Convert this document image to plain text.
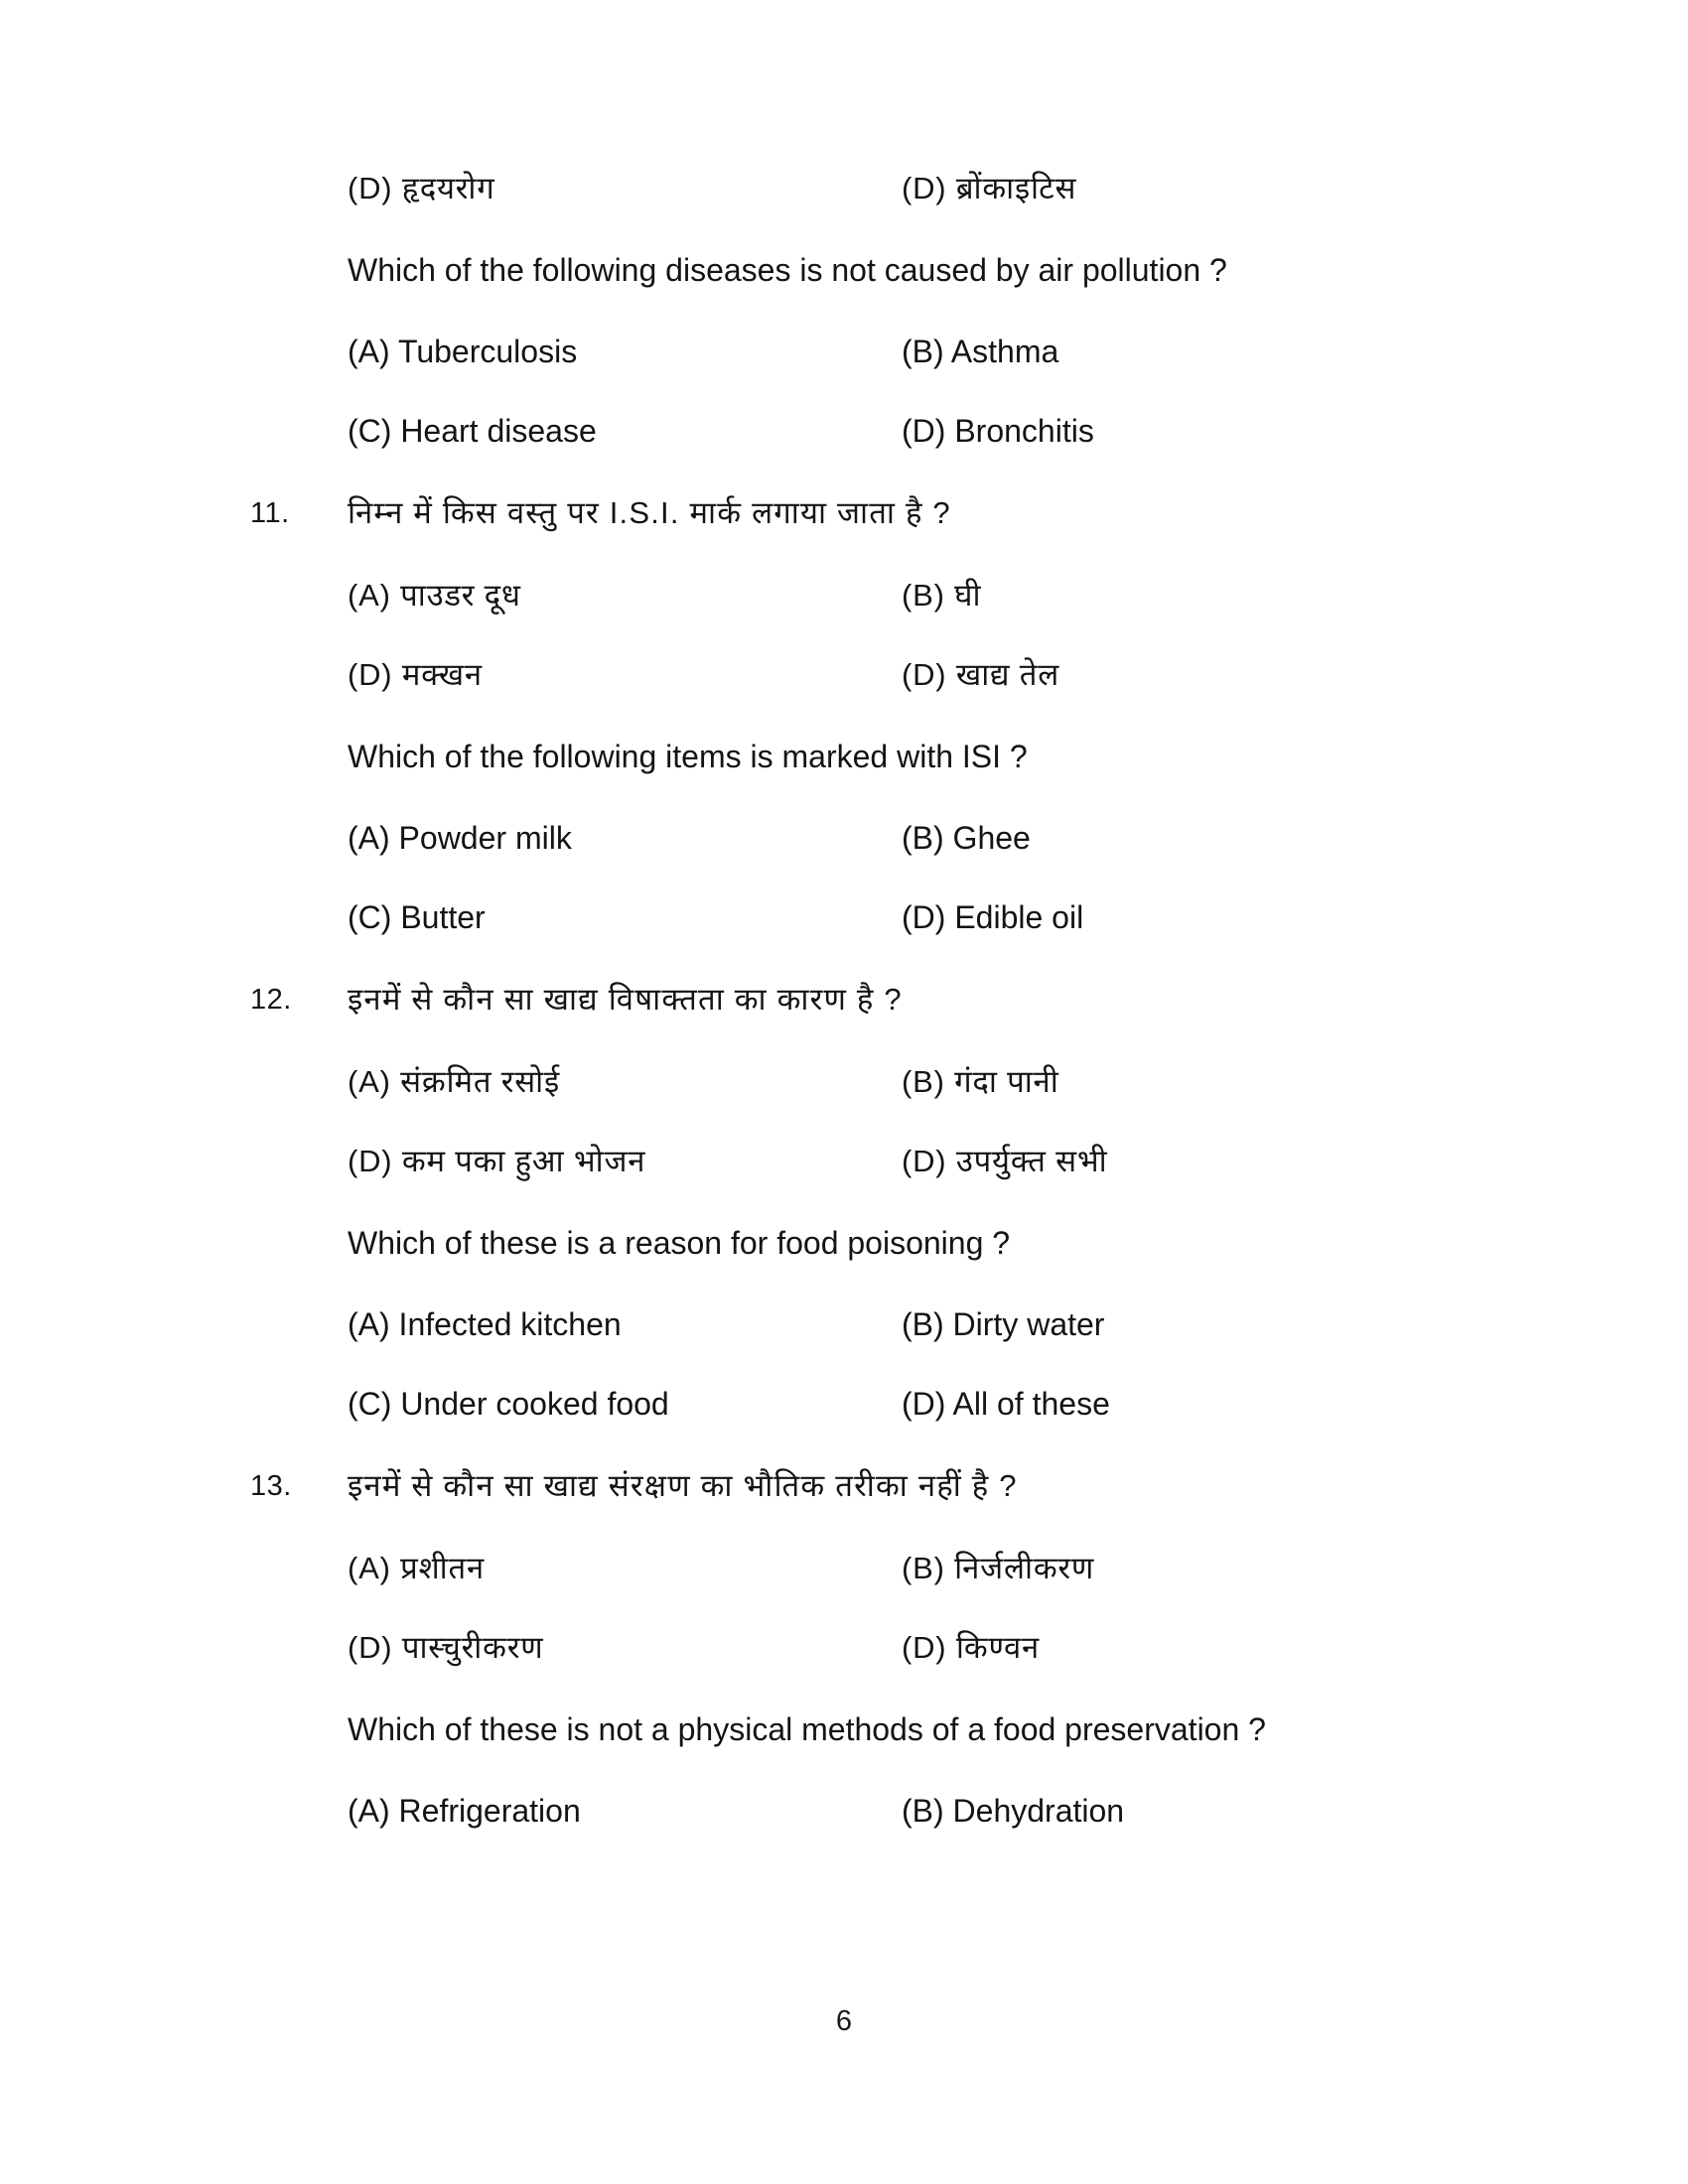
(D) हृदयरोग	(D) ब्रोंकाइटिस
Which of the following diseases is not caused by air pollution ?
(A) Tuberculosis	(B) Asthma
(C) Heart disease	(D) Bronchitis
11.	निम्न में किस वस्तु पर I.S.I. मार्क लगाया जाता है ?
(A) पाउडर दूध	(B) घी
(D) मक्खन	(D) खाद्य तेल
Which of the following items is marked with ISI ?
(A) Powder milk	(B) Ghee
(C) Butter	(D) Edible oil
12.	इनमें से कौन सा खाद्य विषाक्तता का कारण है ?
(A) संक्रमित रसोई	(B) गंदा पानी
(D) कम पका हुआ भोजन	(D) उपर्युक्त सभी
Which of these is a reason for food poisoning ?
(A) Infected kitchen	(B) Dirty water
(C) Under cooked food	(D) All of these
13.	इनमें से कौन सा खाद्य संरक्षण का भौतिक तरीका नहीं है ?
(A) प्रशीतन	(B) निर्जलीकरण
(D) पास्चुरीकरण	(D) किण्वन
Which of these is not a physical methods of a food preservation ?
(A) Refrigeration	(B) Dehydration
6
